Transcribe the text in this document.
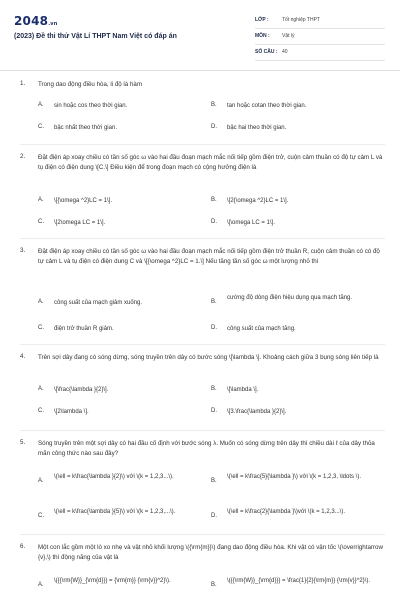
2048.vn
(2023) Đề thi thử Vật Lí THPT Nam Việt có đáp án
LỚP :	Tốt nghiệp THPT
MÔN : Vật lý
SỐ CÂU : 40
1. Trong dao động điều hòa, li độ là hàm
A. sin hoặc cos theo thời gian.	B. tan hoặc cotan theo thời gian.
C. bậc nhất theo thời gian.	D. bậc hai theo thời gian.
2. Đặt điện áp xoay chiều có tần số góc ω vào hai đầu đoạn mạch mắc nối tiếp gồm điện trở, cuộn cảm thuần có độ tự cảm L và tụ điện có điện dung \[C.\] Điều kiện để trong đoạn mạch có cộng hưởng điện là
A. \[{\omega ^2}LC = 1\].	B. \[2{\omega ^2}LC = 1\].
C. \[2\omega LC = 1\].	D. \[\omega LC = 1\].
3. Đặt điện áp xoay chiều có tần số góc ω vào hai đầu đoạn mạch mắc nối tiếp gồm điện trở thuần R, cuộn cảm thuần có có độ tự cảm L và tụ điện có điện dung C và \[{\omega ^2}LC = 1.\] Nếu tăng tần số góc ω một lượng nhỏ thì
A. công suất của mạch giảm xuống.	B.
cường độ dòng điện hiệu dụng qua mạch tăng.
C. điện trở thuần R giảm.	D. công suất của mạch tăng.
4. Trên sợi dây đang có sóng dừng, sóng truyền trên dây có bước sóng \[\lambda \]. Khoảng cách giữa 3 bụng sóng liên tiếp là
A. \[\frac{\lambda }{2}\].	B. \[\lambda \].
C. \[2\lambda \].	D. \[3.\frac{\lambda }{2}\].
5. Sóng truyền trên một sợi dây có hai đầu cố định với bước sóng λ. Muốn có sóng dừng trên dây thì chiều dài ℓ của dây thỏa mãn công thức nào sau đây?
A.
\(\ell = k\frac{\lambda }{2}\) với \(k = 1,2,3...\).
B.
\(\ell = k\frac{5}{\lambda }\) với \(k = 1,2,3, \ldots \).
C.
\(\ell = k\frac{\lambda }{5}\) với \(k = 1,2,3,...\).
D.
\(\ell = k\frac{2}{\lambda }\)với \(k = 1,2,3...\).
6. Một con lắc gồm một lò xo nhẹ và vật nhỏ khối lượng \({\rm{m}}\) đang dao động điều hòa. Khi vật có vận tốc \(\overrightarrow {v},\) thì động năng của vật là
A.
\({{\rm{W}}_{\rm{d}}} = {\rm{m}} {\rm{v}}^2}\).
B.
\({{\rm{W}}_{\rm{d}}} = \frac{1}{2}{\rm{m}} {\rm{v}}^2}\).
